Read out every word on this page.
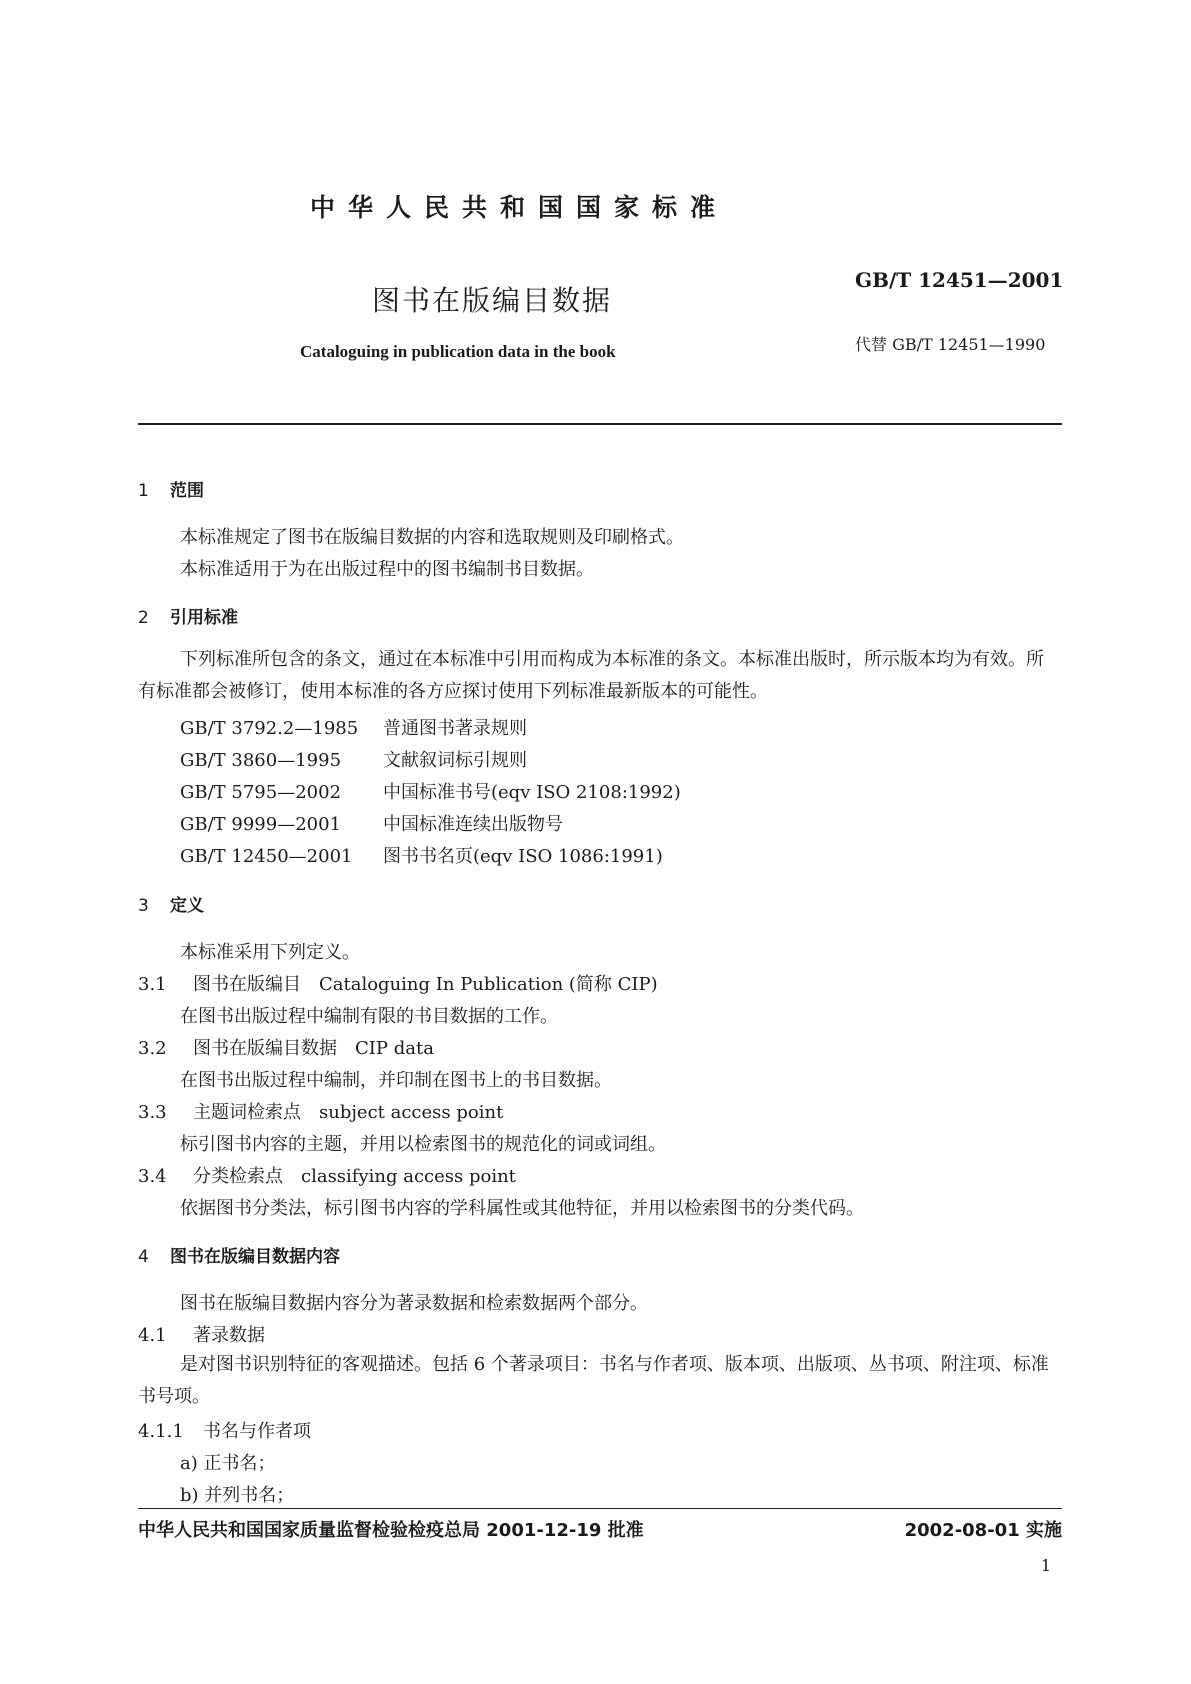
中华人民共和国国家标准
GB/T 12451—2001
图书在版编目数据
代替 GB/T 12451—1990
Cataloguing in publication data in the book
1 范围
本标准规定了图书在版编目数据的内容和选取规则及印刷格式。
本标准适用于为在出版过程中的图书编制书目数据。
2 引用标准
下列标准所包含的条文，通过在本标准中引用而构成为本标准的条文。本标准出版时，所示版本均为有效。所有标准都会被修订，使用本标准的各方应探讨使用下列标准最新版本的可能性。
GB/T 3792.2—1985 普通图书著录规则
GB/T 3860—1995 文献叙词标引规则
GB/T 5795—2002 中国标准书号(eqv ISO 2108:1992)
GB/T 9999—2001 中国标准连续出版物号
GB/T 12450—2001 图书书名页(eqv ISO 1086:1991)
3 定义
本标准采用下列定义。
3.1 图书在版编目　Cataloguing In Publication (简称 CIP)
在图书出版过程中编制有限的书目数据的工作。
3.2 图书在版编目数据　CIP data
在图书出版过程中编制，并印制在图书上的书目数据。
3.3 主题词检索点　subject access point
标引图书内容的主题，并用以检索图书的规范化的词或词组。
3.4 分类检索点　classifying access point
依据图书分类法，标引图书内容的学科属性或其他特征，并用以检索图书的分类代码。
4 图书在版编目数据内容
图书在版编目数据内容分为著录数据和检索数据两个部分。
4.1 著录数据
是对图书识别特征的客观描述。包括 6 个著录项目：书名与作者项、版本项、出版项、丛书项、附注项、标准书号项。
4.1.1 书名与作者项
a) 正书名；
b) 并列书名；
中华人民共和国国家质量监督检验检疫总局 2001-12-19 批准	2002-08-01 实施
1
